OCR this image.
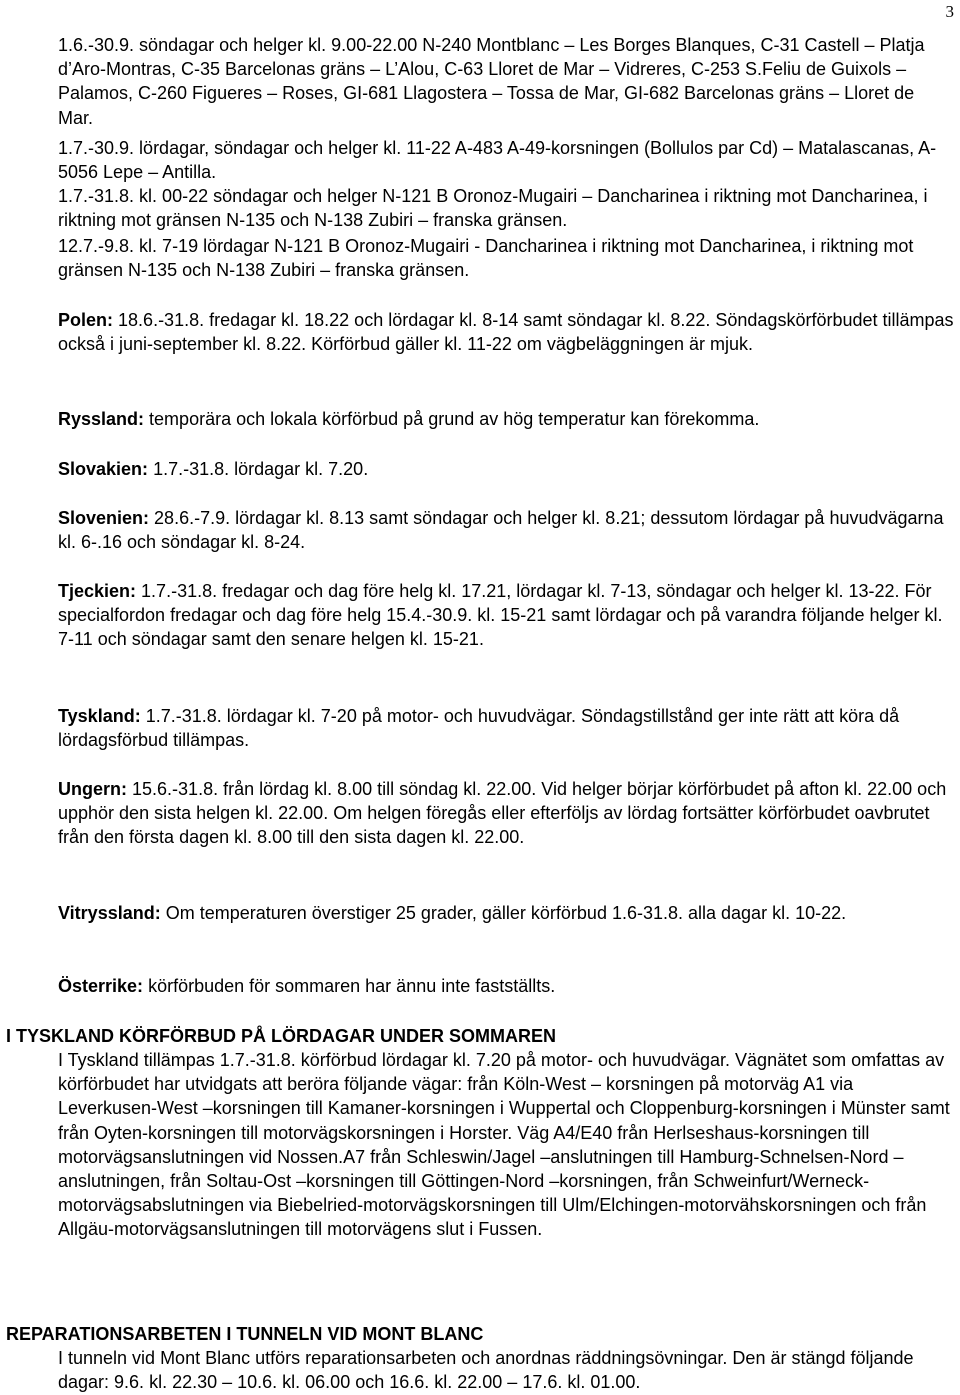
3

1.6.-30.9. söndagar och helger kl. 9.00-22.00 N-240 Montblanc – Les Borges Blanques, C-31 Castell – Platja d’Aro-Montras, C-35 Barcelonas gräns – L’Alou, C-63 Lloret de Mar – Vidreres, C-253 S.Feliu de Guixols – Palamos, C-260 Figueres – Roses, GI-681 Llagostera – Tossa de Mar, GI-682 Barcelonas gräns – Lloret de Mar.

1.7.-30.9. lördagar, söndagar och helger kl. 11-22 A-483 A-49-korsningen (Bollulos par Cd) – Matalascanas, A-5056 Lepe – Antilla.

1.7.-31.8. kl. 00-22 söndagar och helger N-121 B Oronoz-Mugairi – Dancharinea i riktning mot Dancharinea, i riktning mot gränsen N-135 och N-138 Zubiri – franska gränsen.

12.7.-9.8. kl. 7-19 lördagar N-121 B Oronoz-Mugairi - Dancharinea i riktning mot Dancharinea, i riktning mot gränsen N-135 och N-138 Zubiri – franska gränsen.

Polen: 18.6.-31.8. fredagar kl. 18.22 och lördagar kl. 8-14 samt söndagar kl. 8.22. Söndagskörförbudet tillämpas också i juni-september kl. 8.22. Körförbud gäller kl. 11-22 om vägbeläggningen är mjuk.

Ryssland: temporära och lokala körförbud på grund av hög temperatur kan förekomma.

Slovakien: 1.7.-31.8. lördagar kl. 7.20.

Slovenien: 28.6.-7.9. lördagar kl. 8.13 samt söndagar och helger kl. 8.21; dessutom lördagar på huvudvägarna kl. 6-.16 och söndagar kl. 8-24.

Tjeckien: 1.7.-31.8. fredagar och dag före helg kl. 17.21, lördagar kl. 7-13, söndagar och helger kl. 13-22. För specialfordon fredagar och dag före helg 15.4.-30.9. kl. 15-21 samt lördagar och på varandra följande helger kl. 7-11 och söndagar samt den senare helgen kl. 15-21.

Tyskland: 1.7.-31.8. lördagar kl. 7-20 på motor- och huvudvägar. Söndagstillstånd ger inte rätt att köra då lördagsförbud tillämpas.

Ungern: 15.6.-31.8. från lördag kl. 8.00 till söndag kl. 22.00. Vid helger börjar körförbudet på afton kl. 22.00 och upphör den sista helgen kl. 22.00. Om helgen föregås eller efterföljs av lördag fortsätter körförbudet oavbrutet från den första dagen kl. 8.00 till den sista dagen kl. 22.00.

Vitryssland: Om temperaturen överstiger 25 grader, gäller körförbud 1.6-31.8. alla dagar kl. 10-22.

Österrike: körförbuden för sommaren har ännu inte fastställts.

I TYSKLAND KÖRFÖRBUD PÅ LÖRDAGAR UNDER SOMMAREN

I Tyskland tillämpas 1.7.-31.8. körförbud lördagar kl. 7.20 på motor- och huvudvägar. Vägnätet som omfattas av körförbudet har utvidgats att beröra följande vägar: från Köln-West – korsningen på motorväg A1 via Leverkusen-West –korsningen till Kamaner-korsningen i Wuppertal och Cloppenburg-korsningen i Münster samt från Oyten-korsningen till motorvägskorsningen i Horster. Väg A4/E40 från Herlseshaus-korsningen till motorvägsanslutningen vid Nossen.A7 från Schleswin/Jagel –anslutningen till Hamburg-Schnelsen-Nord –anslutningen, från Soltau-Ost –korsningen till Göttingen-Nord –korsningen, från Schweinfurt/Werneck-motorvägsabslutningen via Biebelried-motorvägskorsningen till Ulm/Elchingen-motorvähskorsningen och från Allgäu-motorvägsanslutningen till motorvägens slut i Fussen.

REPARATIONSARBETEN I TUNNELN VID MONT BLANC

I tunneln vid Mont Blanc utförs reparationsarbeten och anordnas räddningsövningar. Den är stängd följande dagar: 9.6. kl. 22.30 – 10.6. kl. 06.00 och 16.6. kl. 22.00 – 17.6. kl. 01.00.
